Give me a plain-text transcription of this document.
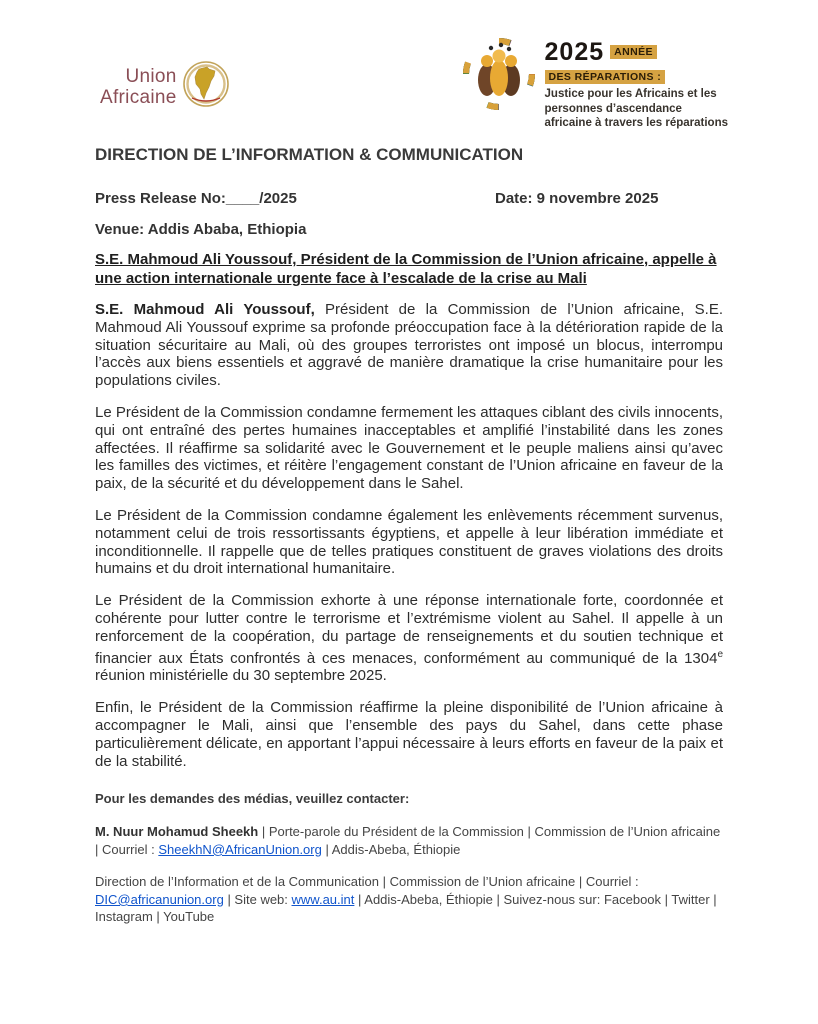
Union
Africaine
2025 ANNÉE
DES RÉPARATIONS :
Justice pour les Africains et les
personnes d’ascendance
africaine à travers les réparations
DIRECTION DE L’INFORMATION & COMMUNICATION
Press Release No:____/2025	Date: 9 novembre 2025
Venue: Addis Ababa, Ethiopia
S.E. Mahmoud Ali Youssouf, Président de la Commission de l’Union africaine, appelle à une action internationale urgente face à l’escalade de la crise au Mali

S.E. Mahmoud Ali Youssouf, Président de la Commission de l’Union africaine, S.E. Mahmoud Ali Youssouf exprime sa profonde préoccupation face à la détérioration rapide de la situation sécuritaire au Mali, où des groupes terroristes ont imposé un blocus, interrompu l’accès aux biens essentiels et aggravé de manière dramatique la crise humanitaire pour les populations civiles.

Le Président de la Commission condamne fermement les attaques ciblant des civils innocents, qui ont entraîné des pertes humaines inacceptables et amplifié l’instabilité dans les zones affectées. Il réaffirme sa solidarité avec le Gouvernement et le peuple maliens ainsi qu’avec les familles des victimes, et réitère l’engagement constant de l’Union africaine en faveur de la paix, de la sécurité et du développement dans le Sahel.

Le Président de la Commission condamne également les enlèvements récemment survenus, notamment celui de trois ressortissants égyptiens, et appelle à leur libération immédiate et inconditionnelle. Il rappelle que de telles pratiques constituent de graves violations des droits humains et du droit international humanitaire.

Le Président de la Commission exhorte à une réponse internationale forte, coordonnée et cohérente pour lutter contre le terrorisme et l’extrémisme violent au Sahel. Il appelle à un renforcement de la coopération, du partage de renseignements et du soutien technique et financier aux États confrontés à ces menaces, conformément au communiqué de la 1304e réunion ministérielle du 30 septembre 2025.

Enfin, le Président de la Commission réaffirme la pleine disponibilité de l’Union africaine à accompagner le Mali, ainsi que l’ensemble des pays du Sahel, dans cette phase particulièrement délicate, en apportant l’appui nécessaire à leurs efforts en faveur de la paix et de la stabilité.

Pour les demandes des médias, veuillez contacter:

M. Nuur Mohamud Sheekh | Porte-parole du Président de la Commission | Commission de l’Union africaine | Courriel : SheekhN@AfricanUnion.org | Addis-Abeba, Éthiopie

Direction de l’Information et de la Communication | Commission de l’Union africaine | Courriel : DIC@africanunion.org | Site web: www.au.int | Addis-Abeba, Éthiopie | Suivez-nous sur: Facebook | Twitter | Instagram | YouTube
